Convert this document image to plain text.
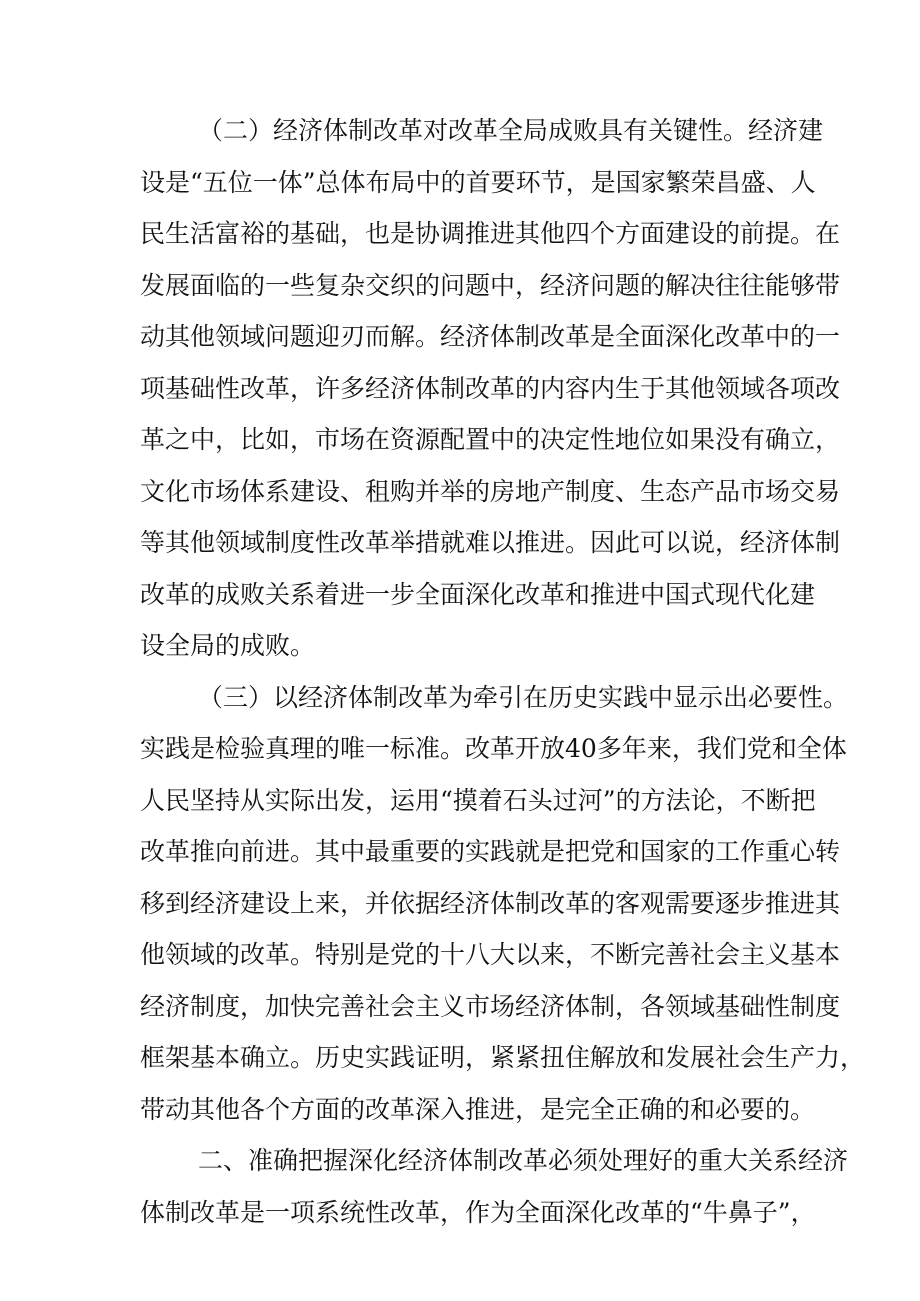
（二）经济体制改革对改革全局成败具有关键性。经济建
设是“五位一体”总体布局中的首要环节，是国家繁荣昌盛、人
民生活富裕的基础，也是协调推进其他四个方面建设的前提。在
发展面临的一些复杂交织的问题中，经济问题的解决往往能够带
动其他领域问题迎刃而解。经济体制改革是全面深化改革中的一
项基础性改革，许多经济体制改革的内容内生于其他领域各项改
革之中，比如，市场在资源配置中的决定性地位如果没有确立，
文化市场体系建设、租购并举的房地产制度、生态产品市场交易
等其他领域制度性改革举措就难以推进。因此可以说，经济体制
改革的成败关系着进一步全面深化改革和推进中国式现代化建
设全局的成败。
（三）以经济体制改革为牵引在历史实践中显示出必要性。
实践是检验真理的唯一标准。改革开放40多年来，我们党和全体
人民坚持从实际出发，运用“摸着石头过河”的方法论，不断把
改革推向前进。其中最重要的实践就是把党和国家的工作重心转
移到经济建设上来，并依据经济体制改革的客观需要逐步推进其
他领域的改革。特别是党的十八大以来，不断完善社会主义基本
经济制度，加快完善社会主义市场经济体制，各领域基础性制度
框架基本确立。历史实践证明，紧紧扭住解放和发展社会生产力，
带动其他各个方面的改革深入推进，是完全正确的和必要的。
二、准确把握深化经济体制改革必须处理好的重大关系经济
体制改革是一项系统性改革，作为全面深化改革的“牛鼻子”，
